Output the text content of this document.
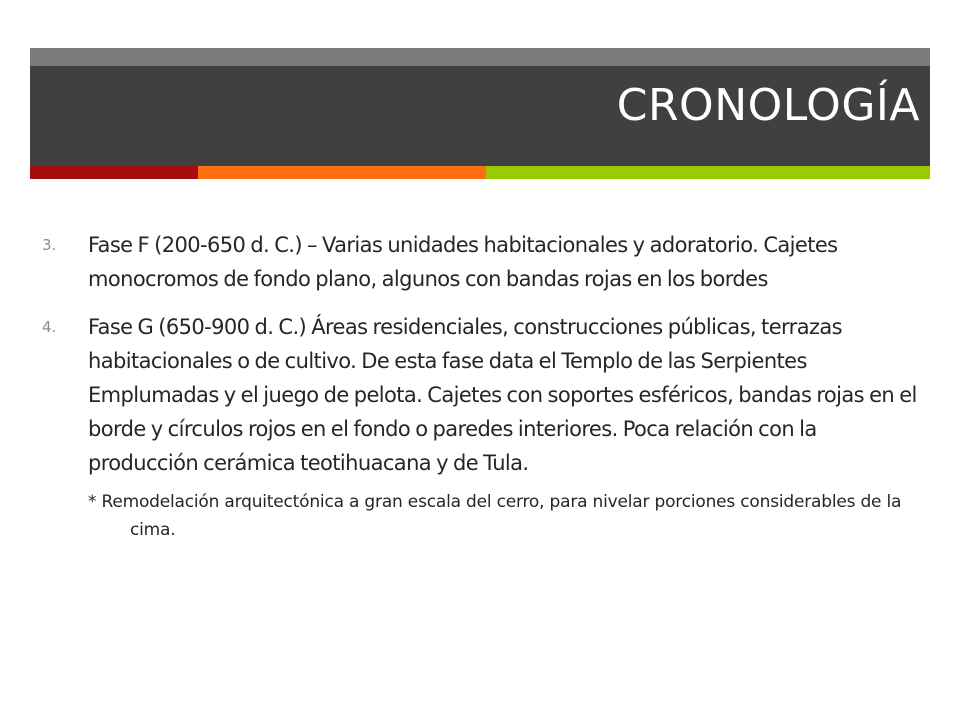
CRONOLOGÍA
3.	Fase F (200-650 d. C.) – Varias unidades habitacionales y adoratorio. Cajetes monocromos de fondo plano, algunos con bandas rojas en los bordes
4.	Fase G (650-900 d. C.) Áreas residenciales, construcciones públicas, terrazas habitacionales o de cultivo. De esta fase data el Templo de las Serpientes Emplumadas y el juego de pelota. Cajetes con soportes esféricos, bandas rojas en el borde y círculos rojos en el fondo o paredes interiores. Poca relación con la producción cerámica teotihuacana y de Tula.
* Remodelación arquitectónica a gran escala del cerro, para nivelar porciones considerables de la cima.
